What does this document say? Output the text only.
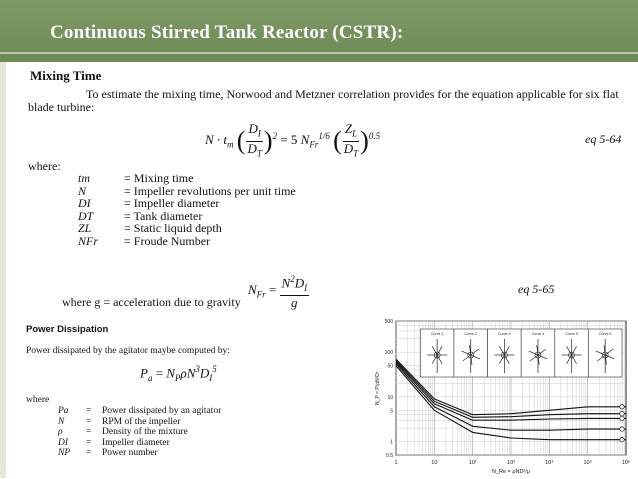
Continuous Stirred Tank Reactor (CSTR):
Mixing Time
To estimate the mixing time, Norwood and Metzner correlation provides for the equation applicable for six flat blade turbine:
$N \cdot t_m$ ( $\frac{D_I}{D_T} )^2 = 5$ $N_{Fr}^{1/6}$ ( $\frac{Z_L}{D_T} )^{0.5}$	eq 5-64
where:
tm	= Mixing time
N	= Impeller revolutions per unit time
DI	= Impeller diameter
DT	= Tank diameter
ZL	= Static liquid depth
NFr	= Froude Number
$N_{Fr} = \frac{N^2D_I}{g}$	eq 5-65
where g = acceleration due to gravity
Power Dissipation
Power dissipated by the agitator maybe computed by:
$P_a = N_P\rho N^3D_I^5$
where
Pa	=	Power dissipated by an agitator
N	=	RPM of the impeller
ρ	=	Density of the mixture
DI	=	Impeller diameter
NP	=	Power number
1	10	10²	10³	10⁴	10⁵	10⁶
500
100
50
10
5
1
0.5
N_Re = ρND²/μ
N_P = P/ρN³D⁵
Curve 1	Curve 2	Curve 3	Curve 4	Curve 5	Curve 6
